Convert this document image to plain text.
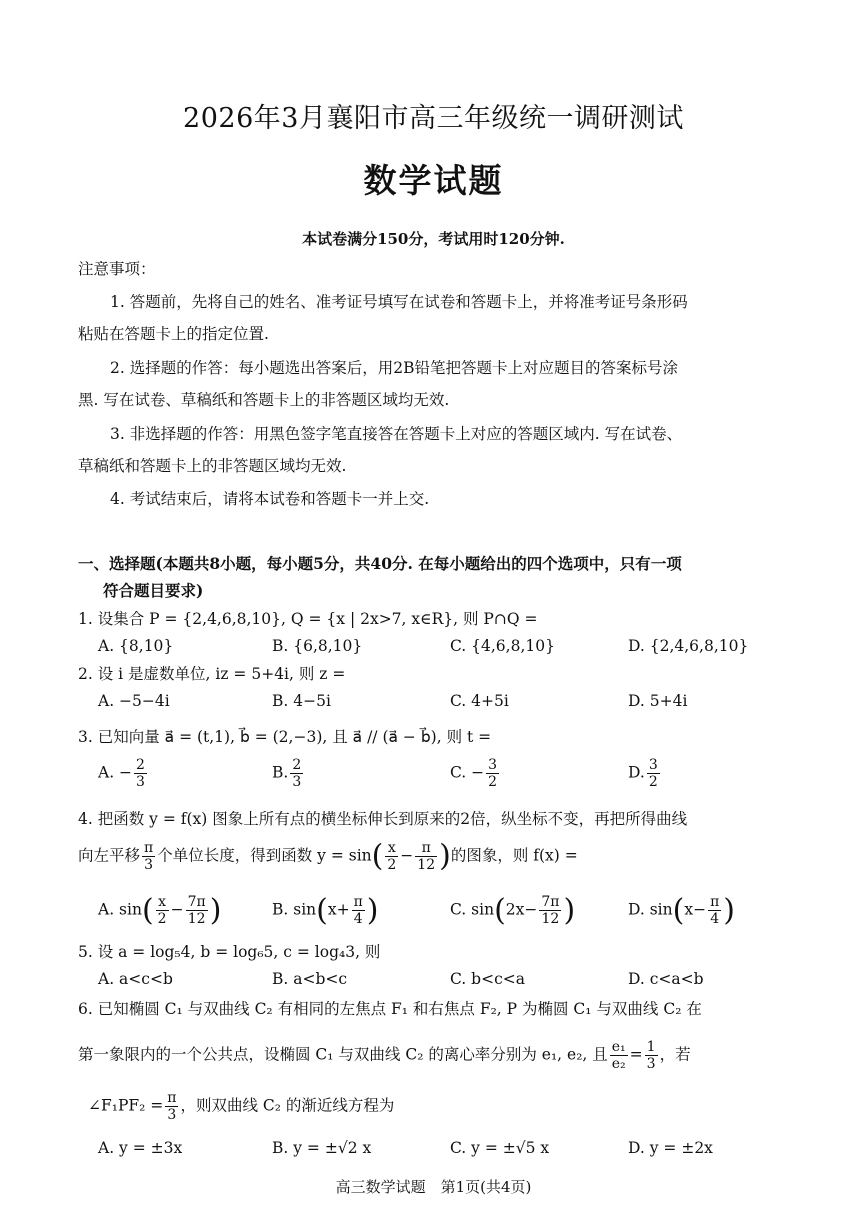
2026年3月襄阳市高三年级统一调研测试
数学试题
本试卷满分150分，考试用时120分钟.
注意事项：
1. 答题前，先将自己的姓名、准考证号填写在试卷和答题卡上，并将准考证号条形码
粘贴在答题卡上的指定位置.
2. 选择题的作答：每小题选出答案后，用2B铅笔把答题卡上对应题目的答案标号涂
黑. 写在试卷、草稿纸和答题卡上的非答题区域均无效.
3. 非选择题的作答：用黑色签字笔直接答在答题卡上对应的答题区域内. 写在试卷、
草稿纸和答题卡上的非答题区域均无效.
4. 考试结束后，请将本试卷和答题卡一并上交.
一、选择题(本题共8小题，每小题5分，共40分. 在每小题给出的四个选项中，只有一项
符合题目要求)
1. 设集合 P = {2,4,6,8,10}, Q = {x | 2x>7, x∈R}, 则 P∩Q =
A. {8,10}	B. {6,8,10}	C. {4,6,8,10}	D. {2,4,6,8,10}
2. 设 i 是虚数单位, iz = 5+4i, 则 z =
A. −5−4i	B. 4−5i	C. 4+5i	D. 5+4i
3. 已知向量 a⃗ = (t,1), b⃗ = (2,−3), 且 a⃗ // (a⃗ − b⃗), 则 t =
A. − $\frac{2}{3}$	B. $\frac{2}{3}$	C. − $\frac{3}{2}$	D. $\frac{3}{2}$
4. 把函数 y = f(x) 图象上所有点的横坐标伸长到原来的2倍，纵坐标不变，再把所得曲线
向左平移 $\frac{\pi}{3}$ 个单位长度，得到函数 $y = \sin( \frac{x}{2} - \frac{\pi}{12}$ )的图象，则 f(x) =
A. $\sin( \frac{x}{2} - \frac{7\pi}{12}$ )	B. $\sin(x+ \frac{\pi}{4}$ )	C. $\sin(2x- \frac{7\pi}{12}$ )	D. $\sin(x- \frac{\pi}{4}$ )
5. 设 a = log₅4, b = log₆5, c = log₄3, 则
A. a<c<b	B. a<b<c	C. b<c<a	D. c<a<b
6. 已知椭圆 C₁ 与双曲线 C₂ 有相同的左焦点 F₁ 和右焦点 F₂, P 为椭圆 C₁ 与双曲线 C₂ 在
第一象限内的一个公共点，设椭圆 C₁ 与双曲线 C₂ 的离心率分别为 e₁, e₂, 且 $\frac{\text{e₁}}{\text{e₂}} = \frac{1}{3}$ ，若
∠F₁PF₂ = $\frac{\pi}{3}$ ，则双曲线 C₂ 的渐近线方程为
A. y = ±3x	B. y = ±√2 x	C. y = ±√5 x	D. y = ±2x
高三数学试题　第1页(共4页)
